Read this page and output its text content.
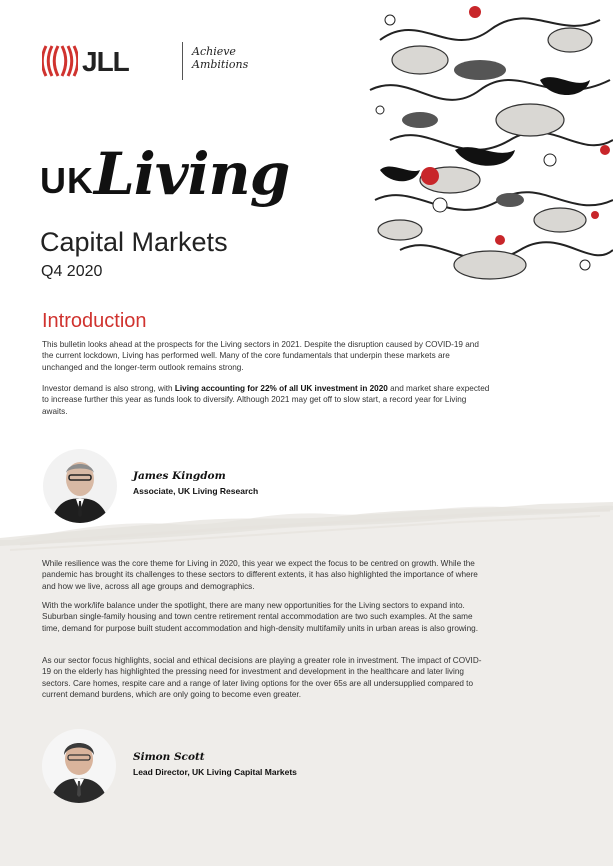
JLL	Achieve Ambitions
UK Living
Capital Markets
Q4 2020
Introduction
This bulletin looks ahead at the prospects for the Living sectors in 2021. Despite the disruption caused by COVID-19 and the current lockdown, Living has performed well. Many of the core fundamentals that underpin these markets are unchanged and the longer-term outlook remains strong.
Investor demand is also strong, with Living accounting for 22% of all UK investment in 2020 and market share expected to increase further this year as funds look to diversify. Although 2021 may get off to slow start, a record year for Living awaits.
James Kingdom
Associate, UK Living Research
While resilience was the core theme for Living in 2020, this year we expect the focus to be centred on growth. While the pandemic has brought its challenges to these sectors to different extents, it has also highlighted the importance of where and how we live, across all age groups and demographics.
With the work/life balance under the spotlight, there are many new opportunities for the Living sectors to expand into. Suburban single-family housing and town centre retirement rental accommodation are two such examples. At the same time, demand for purpose built student accommodation and high-density multifamily units in urban areas is also growing.
As our sector focus highlights, social and ethical decisions are playing a greater role in investment. The impact of COVID-19 on the elderly has highlighted the pressing need for investment and development in the healthcare and later living sectors. Care homes, respite care and a range of later living options for the over 65s are all undersupplied compared to current demand burdens, which are only going to become even greater.
Simon Scott
Lead Director, UK Living Capital Markets
